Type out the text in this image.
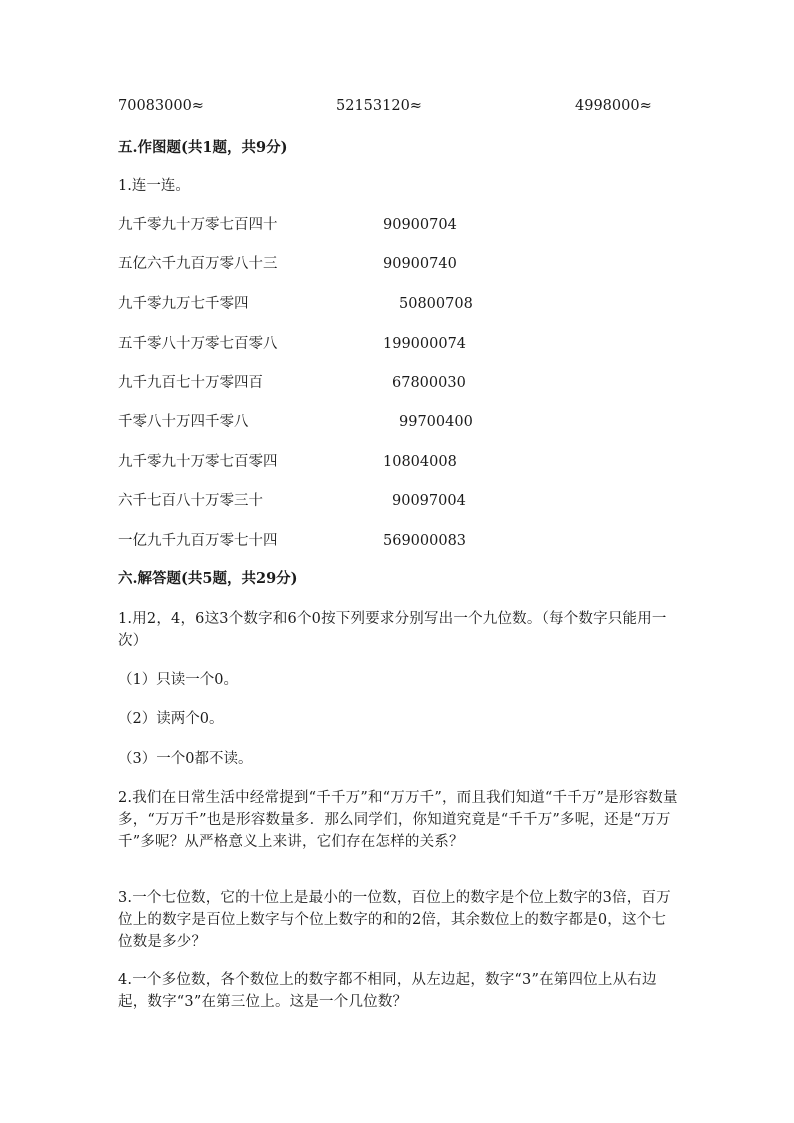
70083000≈	52153120≈	4998000≈
五.作图题(共1题，共9分)
1.连一连。
九千零九十万零七百四十
五亿六千九百万零八十三
九千零九万七千零四
五千零八十万零七百零八
九千九百七十万零四百
千零八十万四千零八
九千零九十万零七百零四
六千七百八十万零三十
一亿九千九百万零七十四
90900704
90900740
50800708
199000074
67800030
99700400
10804008
90097004
569000083
六.解答题(共5题，共29分)
1.用2，4，6这3个数字和6个0按下列要求分别写出一个九位数。（每个数字只能用一次）
（1）只读一个0。
（2）读两个0。
（3）一个0都不读。
2.我们在日常生活中经常提到“千千万”和“万万千”，而且我们知道“千千万”是形容数量多，“万万千”也是形容数量多．那么同学们，你知道究竟是“千千万”多呢，还是“万万千”多呢？从严格意义上来讲，它们存在怎样的关系？
3.一个七位数，它的十位上是最小的一位数，百位上的数字是个位上数字的3倍，百万位上的数字是百位上数字与个位上数字的和的2倍，其余数位上的数字都是0，这个七位数是多少？
4.一个多位数，各个数位上的数字都不相同，从左边起，数字“3”在第四位上从右边起，数字“3”在第三位上。这是一个几位数？
